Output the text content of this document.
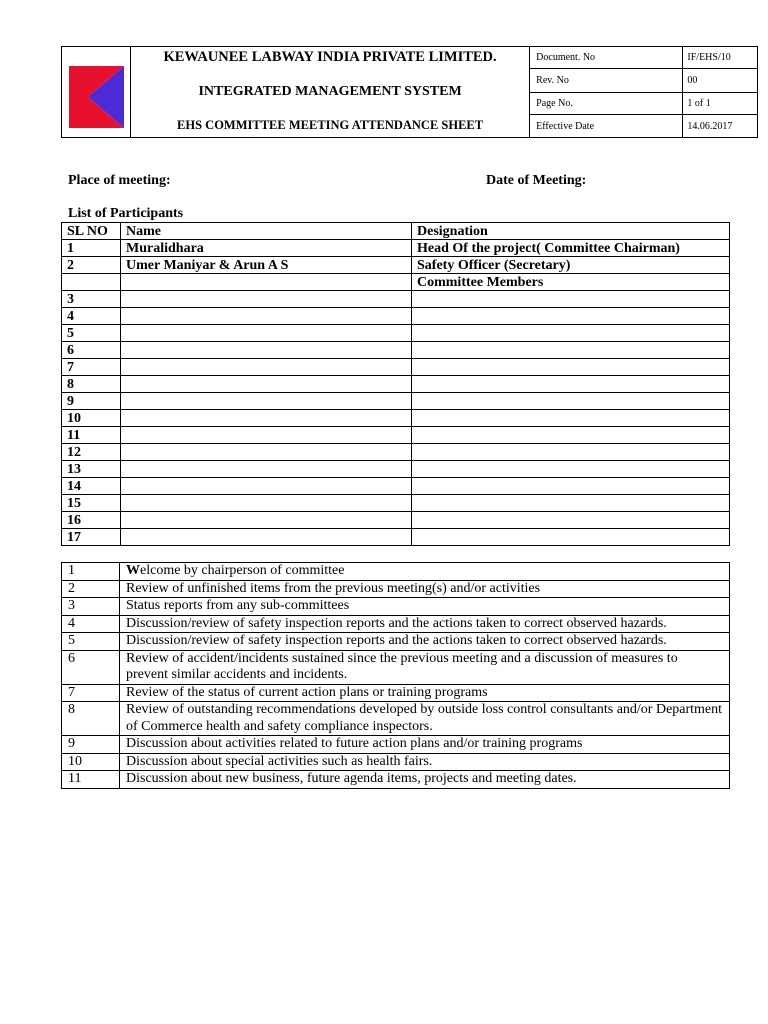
KEWAUNEE LABWAY INDIA PRIVATE LIMITED.
INTEGRATED MANAGEMENT SYSTEM
EHS COMMITTEE MEETING ATTENDANCE SHEET	Document. No	IF/EHS/10
		Rev. No	00
		Page No.	1 of 1
		Effective Date	14.06.2017
Place of meeting:	Date of Meeting:
List of Participants
SL NO	Name	Designation
1	Muralidhara	Head Of the project( Committee Chairman)
2	Umer Maniyar & Arun A S	Safety Officer (Secretary)
		Committee Members
3		
4		
5		
6		
7		
8		
9		
10		
11		
12		
13		
14		
15		
16		
17		
1	Welcome by chairperson of committee
2	Review of unfinished items from the previous meeting(s) and/or activities
3	Status reports from any sub-committees
4	Discussion/review of safety inspection reports and the actions taken to correct observed hazards.
5	Discussion/review of safety inspection reports and the actions taken to correct observed hazards.
6	Review of accident/incidents sustained since the previous meeting and a discussion of measures to prevent similar accidents and incidents.
7	Review of the status of current action plans or training programs
8	Review of outstanding recommendations developed by outside loss control consultants and/or Department of Commerce health and safety compliance inspectors.
9	Discussion about activities related to future action plans and/or training programs
10	Discussion about special activities such as health fairs.
11	Discussion about new business, future agenda items, projects and meeting dates.
